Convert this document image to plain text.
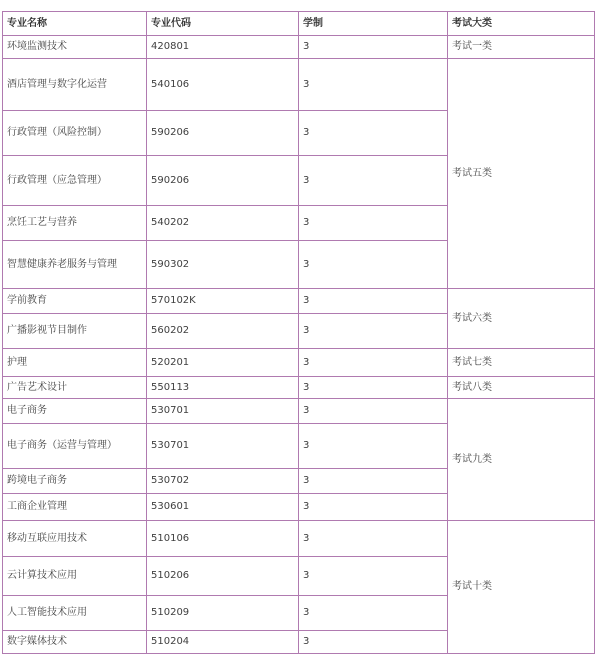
专业名称	专业代码	学制	考试大类
环境监测技术	420801	3	考试一类
酒店管理与数字化运营	540106	3	考试五类
行政管理（风险控制）	590206	3	
行政管理（应急管理）	590206	3	
烹饪工艺与营养	540202	3	
智慧健康养老服务与管理	590302	3	
学前教育	570102K	3	考试六类
广播影视节目制作	560202	3	
护理	520201	3	考试七类
广告艺术设计	550113	3	考试八类
电子商务	530701	3	考试九类
电子商务（运营与管理）	530701	3	
跨境电子商务	530702	3	
工商企业管理	530601	3	
移动互联应用技术	510106	3	考试十类
云计算技术应用	510206	3	
人工智能技术应用	510209	3	
数字媒体技术	510204	3	
